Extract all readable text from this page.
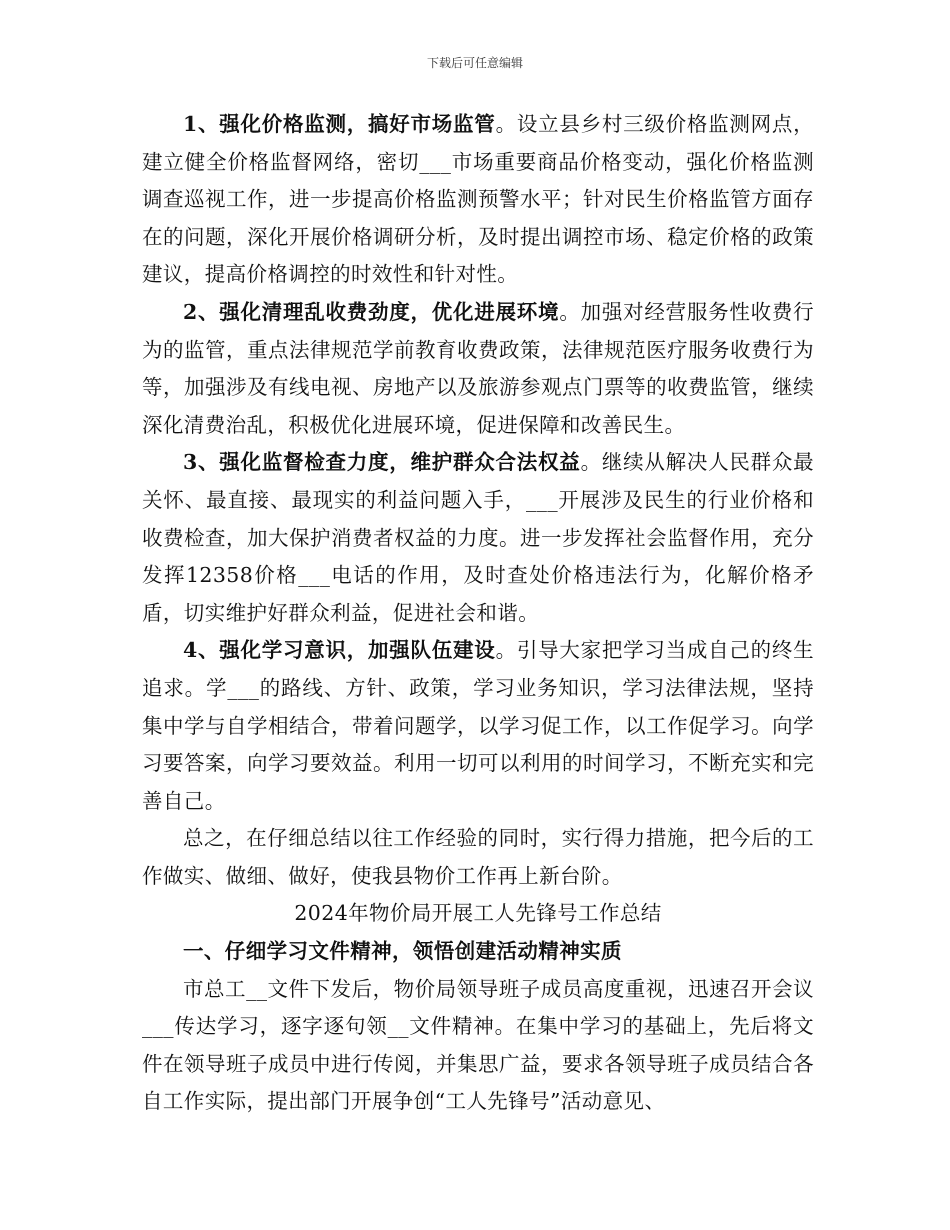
下载后可任意编辑

1、强化价格监测，搞好市场监管。设立县乡村三级价格监测网点，建立健全价格监督网络，密切___市场重要商品价格变动，强化价格监测调查巡视工作，进一步提高价格监测预警水平；针对民生价格监管方面存在的问题，深化开展价格调研分析，及时提出调控市场、稳定价格的政策建议，提高价格调控的时效性和针对性。

2、强化清理乱收费劲度，优化进展环境。加强对经营服务性收费行为的监管，重点法律规范学前教育收费政策，法律规范医疗服务收费行为等，加强涉及有线电视、房地产以及旅游参观点门票等的收费监管，继续深化清费治乱，积极优化进展环境，促进保障和改善民生。

3、强化监督检查力度，维护群众合法权益。继续从解决人民群众最关怀、最直接、最现实的利益问题入手，___开展涉及民生的行业价格和收费检查，加大保护消费者权益的力度。进一步发挥社会监督作用，充分发挥12358价格___电话的作用，及时查处价格违法行为，化解价格矛盾，切实维护好群众利益，促进社会和谐。

4、强化学习意识，加强队伍建设。引导大家把学习当成自己的终生追求。学___的路线、方针、政策，学习业务知识，学习法律法规，坚持集中学与自学相结合，带着问题学，以学习促工作，以工作促学习。向学习要答案，向学习要效益。利用一切可以利用的时间学习，不断充实和完善自己。

总之，在仔细总结以往工作经验的同时，实行得力措施，把今后的工作做实、做细、做好，使我县物价工作再上新台阶。

2024年物价局开展工人先锋号工作总结

一、仔细学习文件精神，领悟创建活动精神实质

市总工__文件下发后，物价局领导班子成员高度重视，迅速召开会议___传达学习，逐字逐句领__文件精神。在集中学习的基础上，先后将文件在领导班子成员中进行传阅，并集思广益，要求各领导班子成员结合各自工作实际，提出部门开展争创“工人先锋号”活动意见、
